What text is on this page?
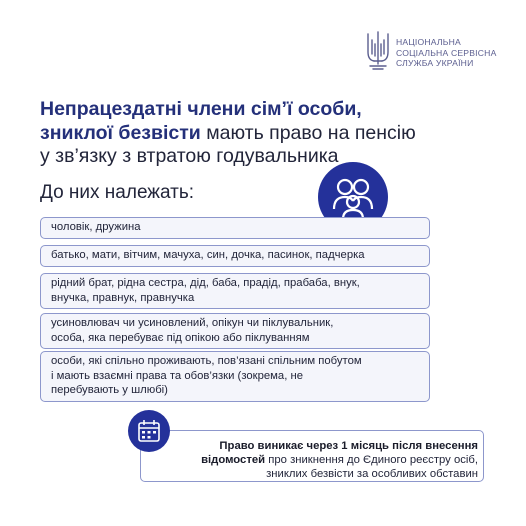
НАЦІОНАЛЬНА
СОЦІАЛЬНА СЕРВІСНА
СЛУЖБА УКРАЇНИ
Непрацездатні члени сім’ї особи,
зниклої безвісти мають право на пенсію
у зв’язку з втратою годувальника
До них належать:
чоловік, дружина
батько, мати, вітчим, мачуха, син, дочка, пасинок, падчерка
рідний брат, рідна сестра, дід, баба, прадід, прабаба, внук,
внучка, правнук, правнучка
усиновлювач чи усиновлений, опікун чи піклувальник,
особа, яка перебуває під опікою або піклуванням
особи, які спільно проживають, пов’язані спільним побутом
і мають взаємні права та обов’язки (зокрема, не
перебувають у шлюбі)
Право виникає через 1 місяць після внесення
відомостей про зникнення до Єдиного реєстру осіб,
зниклих безвісти за особливих обставин
